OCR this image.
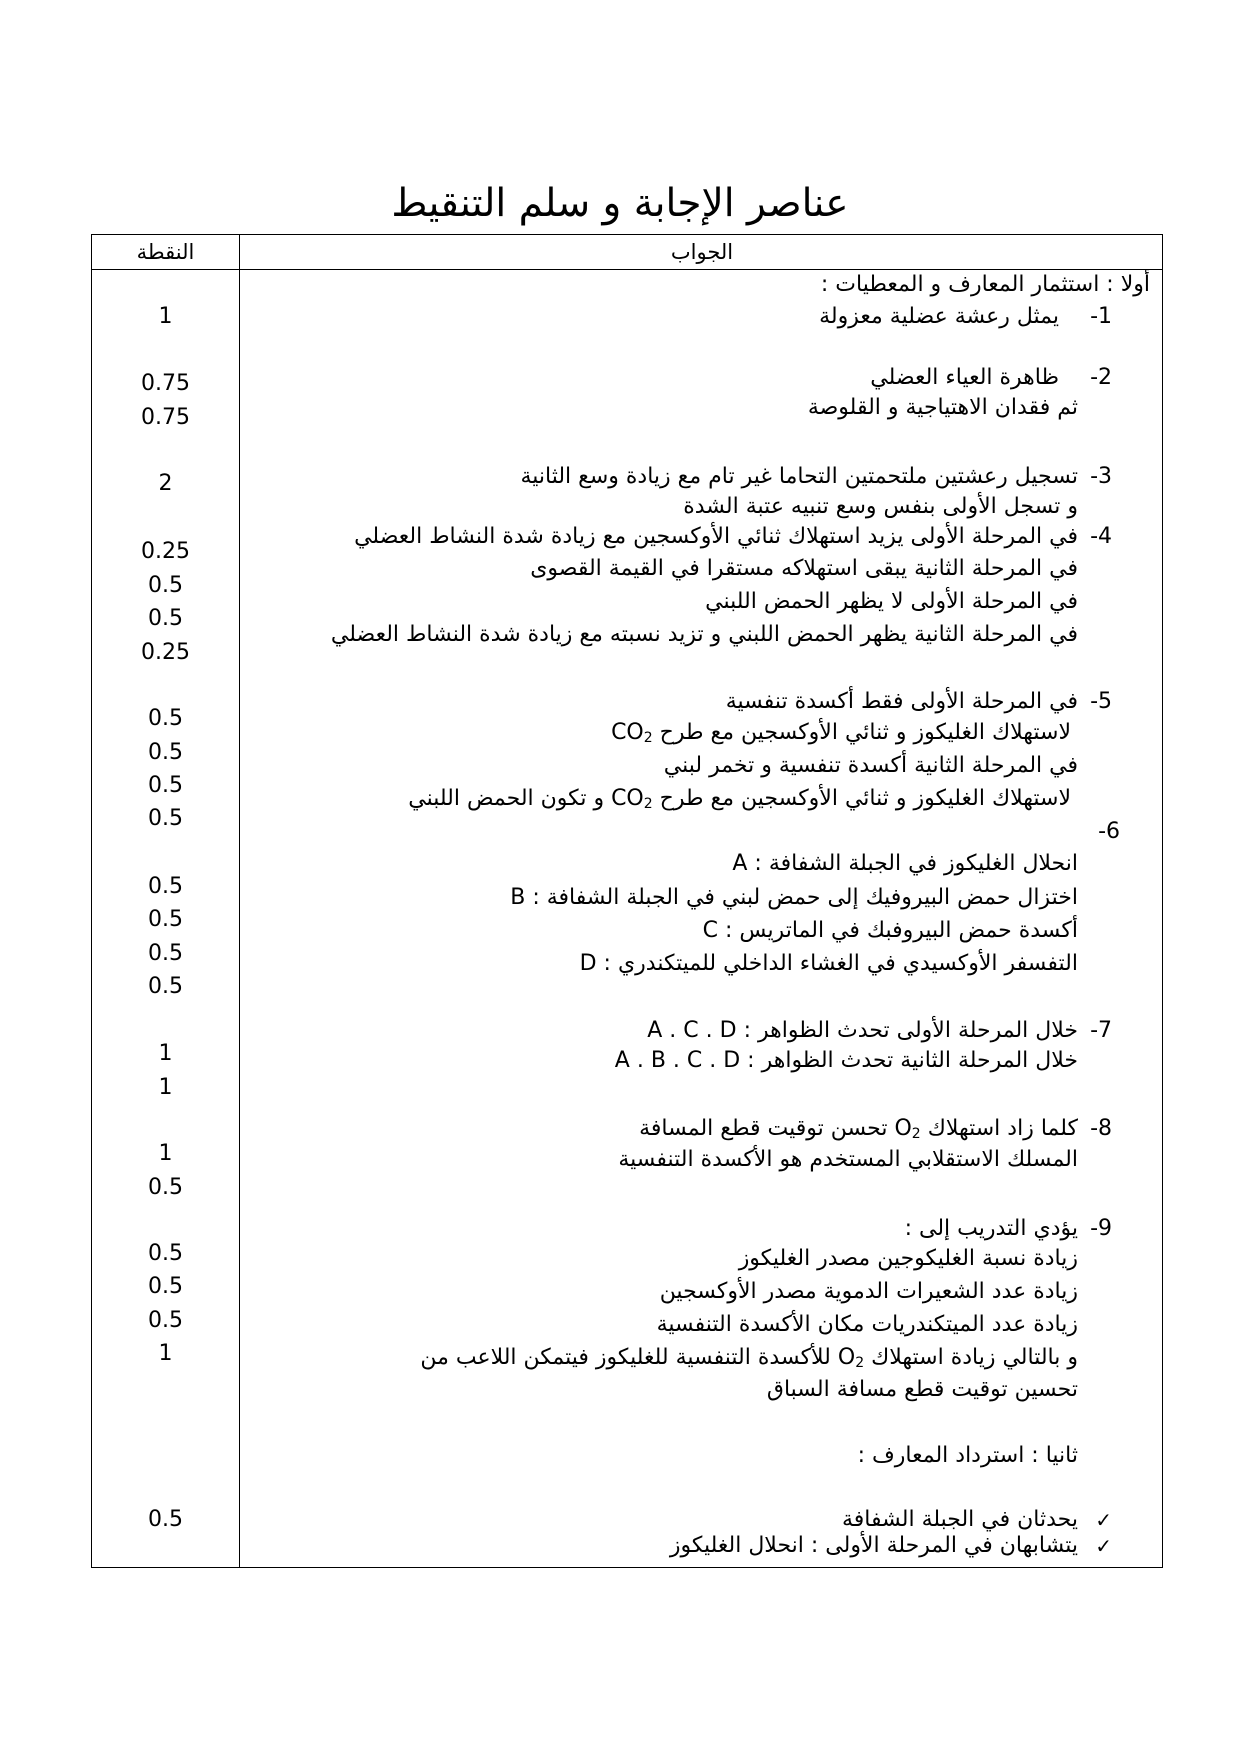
عناصر الإجابة و سلم التنقيط
النقطة	الجواب
أولا : استثمار المعارف و المعطيات :
-1
يمثل رعشة عضلية معزولة
1
-2
ظاهرة العياء العضلي
ثم فقدان الاهتياجية و القلوصة
0.75
0.75
-3
تسجيل رعشتين ملتحمتين التحاما غير تام مع زيادة وسع الثانية
و تسجل الأولى بنفس وسع تنبيه عتبة الشدة
2
-4
في المرحلة الأولى يزيد استهلاك ثنائي الأوكسجين مع زيادة شدة النشاط العضلي
في المرحلة الثانية يبقى استهلاكه مستقرا في القيمة القصوى
في المرحلة الأولى لا يظهر الحمض اللبني
في المرحلة الثانية يظهر الحمض اللبني و تزيد نسبته مع زيادة شدة النشاط العضلي
0.25
0.5
0.5
0.25
-5
في المرحلة الأولى فقط أكسدة تنفسية
لاستهلاك الغليكوز و ثنائي الأوكسجين مع طرح $CO_2$
في المرحلة الثانية أكسدة تنفسية و تخمر لبني
لاستهلاك الغليكوز و ثنائي الأوكسجين مع طرح $CO_2$ و تكون الحمض اللبني
0.5
0.5
0.5
0.5
-6
A : انحلال الغليكوز في الجبلة الشفافة
B : اختزال حمض البيروفيك إلى حمض لبني في الجبلة الشفافة
C : أكسدة حمض البيروفبك في الماتريس
D : التفسفر الأوكسيدي في الغشاء الداخلي للميتكندري
0.5
0.5
0.5
0.5
-7
خلال المرحلة الأولى تحدث الظواهر : A . C . D
خلال المرحلة الثانية تحدث الظواهر : A . B . C . D
1
1
-8
كلما زاد استهلاك $O_2$ تحسن توقيت قطع المسافة
المسلك الاستقلابي المستخدم هو الأكسدة التنفسية
1
0.5
-9
يؤدي التدريب إلى :
زيادة نسبة الغليكوجين مصدر الغليكوز
زيادة عدد الشعيرات الدموية مصدر الأوكسجين
زيادة عدد الميتكندريات مكان الأكسدة التنفسية
و بالتالي زيادة استهلاك $O_2$ للأكسدة التنفسية للغليكوز فيتمكن اللاعب من
تحسين توقيت قطع مسافة السباق
0.5
0.5
0.5
1
ثانيا : استرداد المعارف :
✓
يحدثان في الجبلة الشفافة
✓
يتشابهان في المرحلة الأولى : انحلال الغليكوز
0.5
